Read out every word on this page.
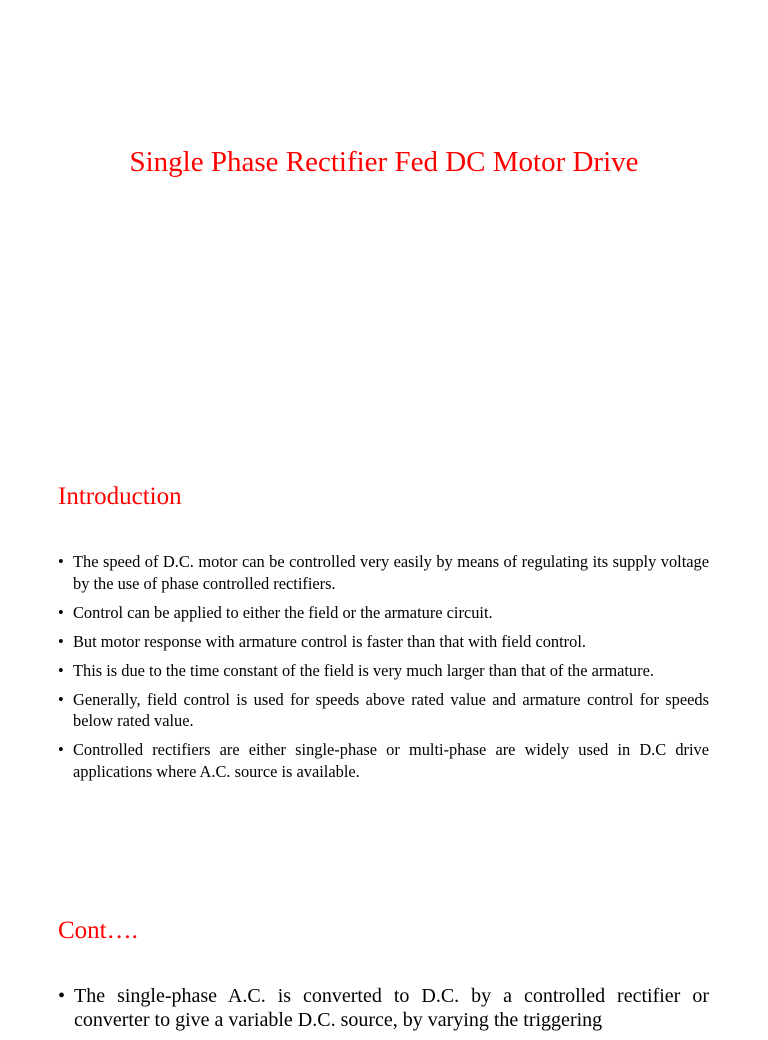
Single Phase Rectifier Fed DC Motor Drive
Introduction
• The speed of D.C. motor can be controlled very easily by means of regulating its supply voltage by the use of phase controlled rectifiers.
• Control can be applied to either the field or the armature circuit.
• But motor response with armature control is faster than that with field control.
• This is due to the time constant of the field is very much larger than that of the armature.
• Generally, field control is used for speeds above rated value and armature control for speeds below rated value.
• Controlled rectifiers are either single-phase or multi-phase are widely used in D.C drive applications where A.C. source is available.
Cont….
• The single-phase A.C. is converted to D.C. by a controlled rectifier or converter to give a variable D.C. source, by varying the triggering
